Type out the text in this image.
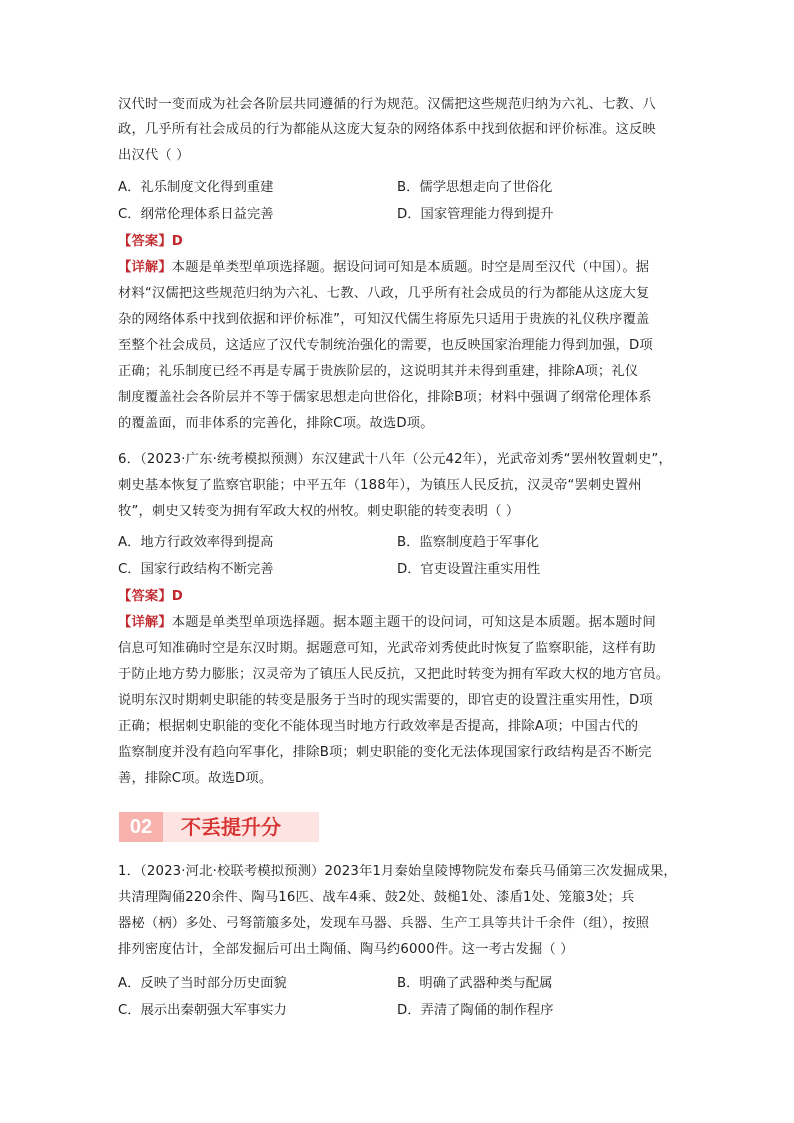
汉代时一变而成为社会各阶层共同遵循的行为规范。汉儒把这些规范归纳为六礼、七教、八
政，几乎所有社会成员的行为都能从这庞大复杂的网络体系中找到依据和评价标准。这反映
出汉代（ ）
A．礼乐制度文化得到重建	B．儒学思想走向了世俗化
C．纲常伦理体系日益完善	D．国家管理能力得到提升
【答案】D
【详解】本题是单类型单项选择题。据设问词可知是本质题。时空是周至汉代（中国）。据
材料“汉儒把这些规范归纳为六礼、七教、八政，几乎所有社会成员的行为都能从这庞大复
杂的网络体系中找到依据和评价标准”，可知汉代儒生将原先只适用于贵族的礼仪秩序覆盖
至整个社会成员，这适应了汉代专制统治强化的需要，也反映国家治理能力得到加强，D项
正确；礼乐制度已经不再是专属于贵族阶层的，这说明其并未得到重建，排除A项；礼仪
制度覆盖社会各阶层并不等于儒家思想走向世俗化，排除B项；材料中强调了纲常伦理体系
的覆盖面，而非体系的完善化，排除C项。故选D项。
6．（2023·广东·统考模拟预测）东汉建武十八年（公元42年），光武帝刘秀“罢州牧置刺史”，
刺史基本恢复了监察官职能；中平五年（188年），为镇压人民反抗，汉灵帝“罢刺史置州
牧”，刺史又转变为拥有军政大权的州牧。刺史职能的转变表明（ ）
A．地方行政效率得到提高	B．监察制度趋于军事化
C．国家行政结构不断完善	D．官吏设置注重实用性
【答案】D
【详解】本题是单类型单项选择题。据本题主题干的设问词，可知这是本质题。据本题时间
信息可知准确时空是东汉时期。据题意可知，光武帝刘秀使此时恢复了监察职能，这样有助
于防止地方势力膨胀；汉灵帝为了镇压人民反抗，又把此时转变为拥有军政大权的地方官员。
说明东汉时期刺史职能的转变是服务于当时的现实需要的，即官吏的设置注重实用性，D项
正确；根据刺史职能的变化不能体现当时地方行政效率是否提高，排除A项；中国古代的
监察制度并没有趋向军事化，排除B项；刺史职能的变化无法体现国家行政结构是否不断完
善，排除C项。故选D项。
02	不丢提升分
1．（2023·河北·校联考模拟预测）2023年1月秦始皇陵博物院发布秦兵马俑第三次发掘成果，
共清理陶俑220余件、陶马16匹、战车4乘、鼓2处、鼓槌1处、漆盾1处、笼箙3处；兵
器柲（柄）多处、弓弩箭箙多处，发现车马器、兵器、生产工具等共计千余件（组），按照
排列密度估计，全部发掘后可出土陶俑、陶马约6000件。这一考古发掘（ ）
A．反映了当时部分历史面貌	B．明确了武器种类与配属
C．展示出秦朝强大军事实力	D．弄清了陶俑的制作程序
